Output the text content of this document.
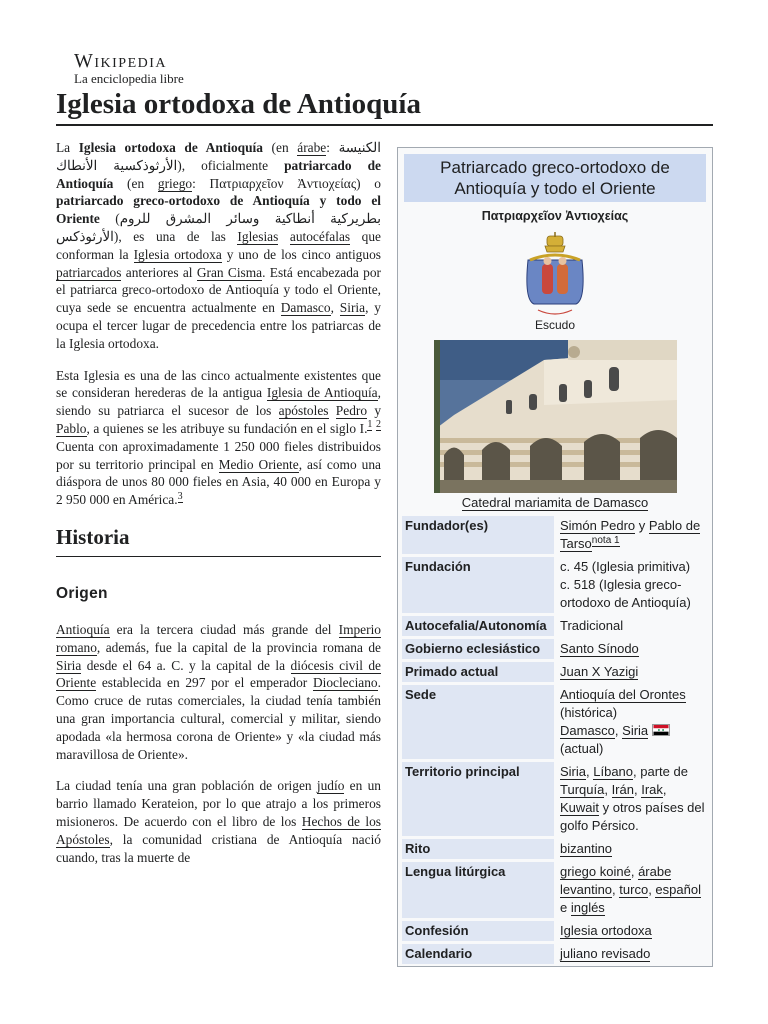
Wikipedia
La enciclopedia libre
Iglesia ortodoxa de Antioquía

La Iglesia ortodoxa de Antioquía (en árabe: الكنيسة الأرثوذكسية الأنطاك), oficialmente patriarcado de Antioquía (en griego: Πατριαρχεῖον Ἀντιοχείας) o patriarcado greco-ortodoxo de Antioquía y todo el Oriente (بطريركية أنطاكية وسائر المشرق للروم الأرثوذكس), es una de las Iglesias autocéfalas que conforman la Iglesia ortodoxa y uno de los cinco antiguos patriarcados anteriores al Gran Cisma. Está encabezada por el patriarca greco-ortodoxo de Antioquía y todo el Oriente, cuya sede se encuentra actualmente en Damasco, Siria, y ocupa el tercer lugar de precedencia entre los patriarcas de la Iglesia ortodoxa.

Esta Iglesia es una de las cinco actualmente existentes que se consideran herederas de la antigua Iglesia de Antioquía, siendo su patriarca el sucesor de los apóstoles Pedro y Pablo, a quienes se les atribuye su fundación en el siglo I.$^1$ $^2$ Cuenta con aproximadamente 1 250 000 fieles distribuidos por su territorio principal en Medio Oriente, así como una diáspora de unos 80 000 fieles en Asia, 40 000 en Europa y 2 950 000 en América.$^3$

Historia
Origen

Antioquía era la tercera ciudad más grande del Imperio romano, además, fue la capital de la provincia romana de Siria desde el 64 a. C. y la capital de la diócesis civil de Oriente establecida en 297 por el emperador Diocleciano. Como cruce de rutas comerciales, la ciudad tenía también una gran importancia cultural, comercial y militar, siendo apodada «la hermosa corona de Oriente» y «la ciudad más maravillosa de Oriente».

La ciudad tenía una gran población de origen judío en un barrio llamado Kerateion, por lo que atrajo a los primeros misioneros. De acuerdo con el libro de los Hechos de los Apóstoles, la comunidad cristiana de Antioquía nació cuando, tras la muerte de

Patriarcado greco-ortodoxo de Antioquía y todo el Oriente
Πατριαρχεῖον Ἀντιοχείας
Escudo
Catedral mariamita de Damasco
Fundador(es)	Simón Pedro y Pablo de Tarso$^{nota 1}$
Fundación	c. 45 (Iglesia primitiva)
c. 518 (Iglesia greco-ortodoxo de Antioquía)
Autocefalia/Autonomía	Tradicional
Gobierno eclesiástico	Santo Sínodo
Primado actual	Juan X Yazigi
Sede	Antioquía del Orontes (histórica)
Damasco, Siria  (actual)
Territorio principal	Siria, Líbano, parte de Turquía, Irán, Irak, Kuwait y otros países del golfo Pérsico.
Rito	bizantino
Lengua litúrgica	griego koiné, árabe levantino, turco, español e inglés
Confesión	Iglesia ortodoxa
Calendario	juliano revisado
